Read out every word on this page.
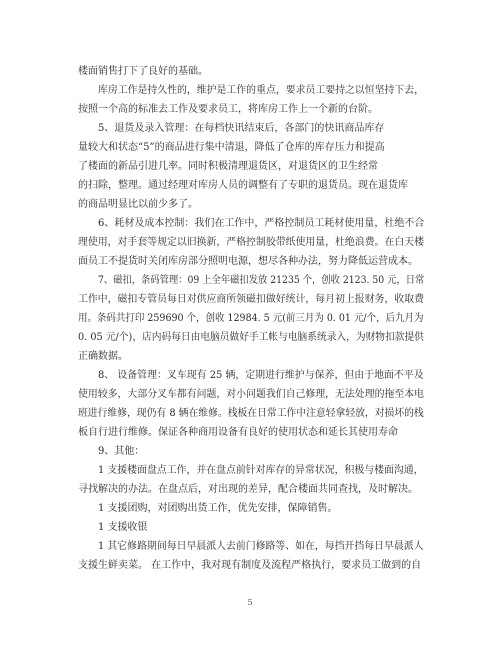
楼面销售打下了良好的基础。
库房工作是持久性的，维护是工作的重点，要求员工要持之以恒坚持下去，
按照一个高的标准去工作及要求员工，将库房工作上一个新的台阶。
5、退货及录入管理：在每档快讯结束后，各部门的快讯商品库存
量较大和状态“5”的商品进行集中清退，降低了仓库的库存压力和提高
了楼面的新品引进几率。同时积极清理退货区，对退货区的卫生经常
的扫除，整理。通过经理对库房人员的调整有了专职的退货员。现在退货库
的商品明显比以前少多了。
6、耗材及成本控制：我们在工作中，严格控制员工耗材使用量，杜绝不合
理使用，对手套等规定以旧换新，严格控制胶带纸使用量，杜绝浪费。在白天楼
面员工不提货时关闭库房部分照明电源，想尽各种办法，努力降低运营成本。
7、磁扣，条码管理：09 上全年磁扣发放 21235 个，创收 2123. 50 元，日常
工作中，磁扣专管员每日对供应商所领磁扣做好统计，每月初上报财务，收取费
用。条码共打印 259690 个，创收 12984. 5 元(前三月为 0. 01 元/个，后九月为
0. 05 元/个)，店内码每日由电脑员做好手工帐与电脑系统录入，为财物扣款提供
正确数据。
8、 设备管理：叉车现有 25 辆，定期进行维护与保养，但由于地面不平及
使用较多，大部分叉车都有问题，对小问题我们自己修理，无法处理的拖至本电
班进行维修，现仍有 8 辆在维修。栈板在日常工作中注意轻拿轻放，对损坏的栈
板自行进行维修。保证各种商用设备有良好的使用状态和延长其使用寿命
9、其他：
1 支援楼面盘点工作，并在盘点前针对库存的异常状况，积极与楼面沟通，
寻找解决的办法。在盘点后，对出现的差异，配合楼面共同查找，及时解决。
1 支援团购，对团购出货工作，优先安排，保障销售。
1 支援收银
1 其它修路期间每日早晨派人去前门修路等、如在，每挡开挡每日早晨派人
支援生鲜卖菜。 在工作中，我对现有制度及流程严格执行，要求员工做到的自
5
